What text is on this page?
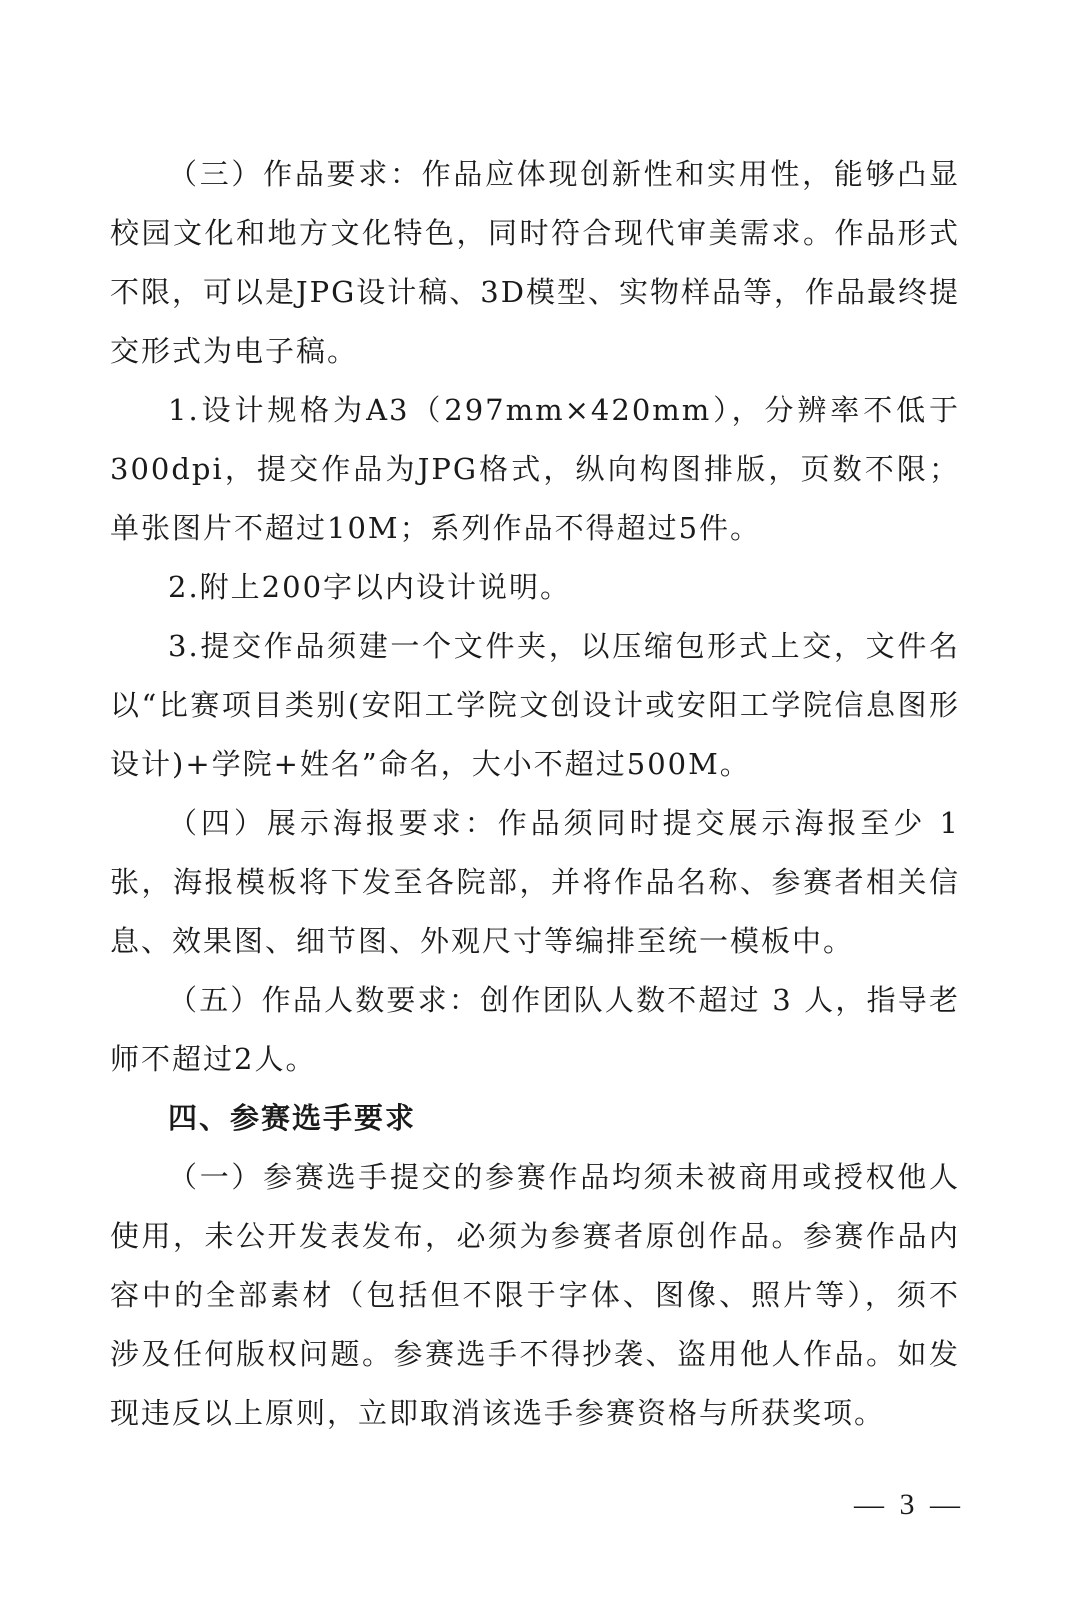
（三）作品要求：作品应体现创新性和实用性，能够凸显校园文化和地方文化特色，同时符合现代审美需求。作品形式不限，可以是JPG设计稿、3D模型、实物样品等，作品最终提交形式为电子稿。

1.设计规格为A3（297mm×420mm），分辨率不低于300dpi，提交作品为JPG格式，纵向构图排版，页数不限；单张图片不超过10M；系列作品不得超过5件。

2.附上200字以内设计说明。

3.提交作品须建一个文件夹，以压缩包形式上交，文件名以“比赛项目类别(安阳工学院文创设计或安阳工学院信息图形设计)+学院+姓名”命名，大小不超过500M。

（四）展示海报要求：作品须同时提交展示海报至少 1 张，海报模板将下发至各院部，并将作品名称、参赛者相关信息、效果图、细节图、外观尺寸等编排至统一模板中。

（五）作品人数要求：创作团队人数不超过 3 人，指导老师不超过2人。

四、参赛选手要求

（一）参赛选手提交的参赛作品均须未被商用或授权他人使用，未公开发表发布，必须为参赛者原创作品。参赛作品内容中的全部素材（包括但不限于字体、图像、照片等），须不涉及任何版权问题。参赛选手不得抄袭、盗用他人作品。如发现违反以上原则，立即取消该选手参赛资格与所获奖项。

— 3 —
